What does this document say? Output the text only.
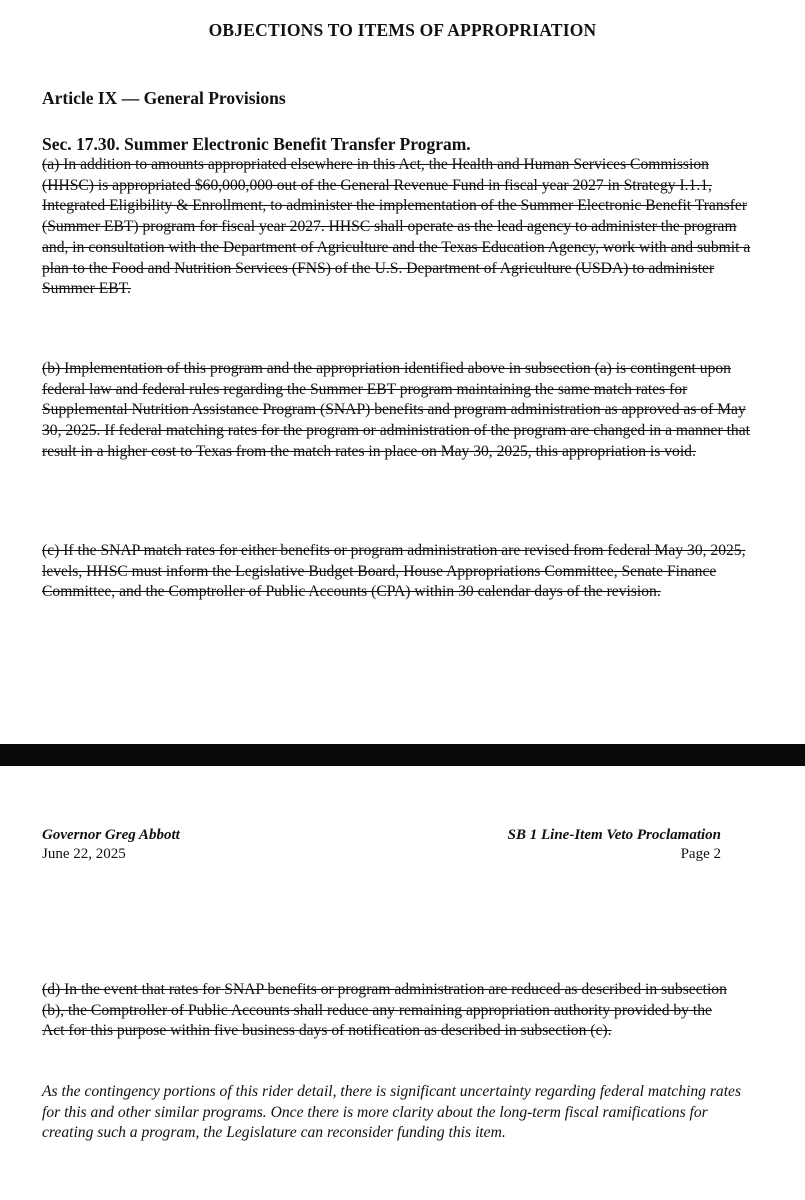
OBJECTIONS TO ITEMS OF APPROPRIATION
Article IX — General Provisions
Sec. 17.30. Summer Electronic Benefit Transfer Program.

(a) In addition to amounts appropriated elsewhere in this Act, the Health and Human Services Commission (HHSC) is appropriated $60,000,000 out of the General Revenue Fund in fiscal year 2027 in Strategy I.1.1, Integrated Eligibility & Enrollment, to administer the implementation of the Summer Electronic Benefit Transfer (Summer EBT) program for fiscal year 2027. HHSC shall operate as the lead agency to administer the program and, in consultation with the Department of Agriculture and the Texas Education Agency, work with and submit a plan to the Food and Nutrition Services (FNS) of the U.S. Department of Agriculture (USDA) to administer Summer EBT.

(b) Implementation of this program and the appropriation identified above in subsection (a) is contingent upon federal law and federal rules regarding the Summer EBT program maintaining the same match rates for Supplemental Nutrition Assistance Program (SNAP) benefits and program administration as approved as of May 30, 2025. If federal matching rates for the program or administration of the program are changed in a manner that result in a higher cost to Texas from the match rates in place on May 30, 2025, this appropriation is void.

(c) If the SNAP match rates for either benefits or program administration are revised from federal May 30, 2025, levels, HHSC must inform the Legislative Budget Board, House Appropriations Committee, Senate Finance Committee, and the Comptroller of Public Accounts (CPA) within 30 calendar days of the revision.

Governor Greg Abbott
June 22, 2025
SB 1 Line-Item Veto Proclamation
Page 2

(d) In the event that rates for SNAP benefits or program administration are reduced as described in subsection (b), the Comptroller of Public Accounts shall reduce any remaining appropriation authority provided by the Act for this purpose within five business days of notification as described in subsection (c).

As the contingency portions of this rider detail, there is significant uncertainty regarding federal matching rates for this and other similar programs. Once there is more clarity about the long-term fiscal ramifications for creating such a program, the Legislature can reconsider funding this item.
